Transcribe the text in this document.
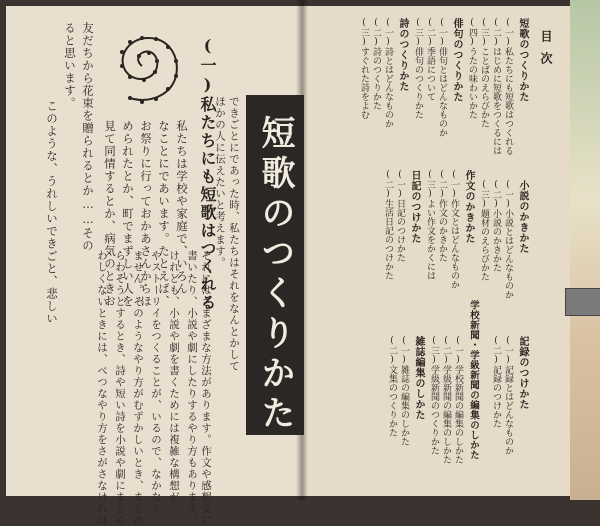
(一)私たちにも短歌はつくれる
私たちは学校や家庭で、いろん
なことにであいます。たとえば、
お祭りに行っておかあさんからほ
められたとか、町でまずしい人を
見て同情するとか、病気のときお
友だちから花束を贈られるとか……その
ると思います。
このような、うれしいできごと、悲しい	できごとにであった時、私たちはそれをなんとかして
ほかの人に伝えたいと考えます。
それにはさまざまな方法があります。作文や感想文に
書いたり、小説や劇にしたりするやり方もあります。
けれども、小説や劇を書くためには複雑な構想が
やストーリイをつくることが、いるので、なかなか
ません。そのようなやり方がむずかしいとき、まとめ
らわそうとするとき、詩や短い詩を小説や劇にまとめ
わしくないときには、べつなやり方をさがさなければ	短歌のつくりかた
目次
短歌のつくりかた
(一)私たちにも短歌はつくれる
(二)はじめに短歌をつくるには
(三)ことばのえらびかた
(四)うたの味わいかた
俳句のつくりかた
(一)俳句とはどんなものか
(二)季語について
(三)俳句のつくりかた
詩のつくりかた
(一)詩とはどんなものか
(二)詩のつくりかた
(三)すぐれた詩をよむ
小説のかきかた
(一)小説とはどんなものか
(二)小説のかきかた
(三)題材のえらびかた
作文のかきかた
(一)作文とはどんなものか
(二)作文のかきかた
(三)よい作文をかくには
日記のつけかた
(一)日記のつけかた
(二)生活日記のつけかた
記録のつけかた
(一)記録とはどんなものか
(二)記録のつけかた
学校新聞・学級新聞の編集のしかた
(一)学校新聞の編集のしかた
(二)学級新聞の編集のしかた
(三)学級新聞のつくりかた
雑誌編集のしかた
(一)雑誌の編集のしかた
(二)文集のつくりかた
